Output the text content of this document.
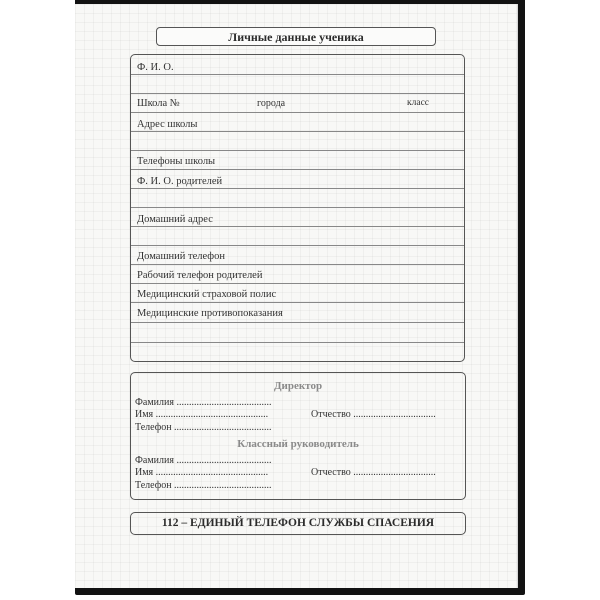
Личные данные ученика
Ф. И. О.
Школа №	города	класс
Адрес школы
Телефоны школы
Ф. И. О. родителей
Домашний адрес
Домашний телефон
Рабочий телефон родителей
Медицинский страховой полис
Медицинские противопоказания
Директор
Фамилия ......................................
Имя .............................................	Отчество .................................
Телефон .......................................
Классный руководитель
Фамилия ......................................
Имя .............................................	Отчество .................................
Телефон .......................................
112 – ЕДИНЫЙ ТЕЛЕФОН СЛУЖБЫ СПАСЕНИЯ
